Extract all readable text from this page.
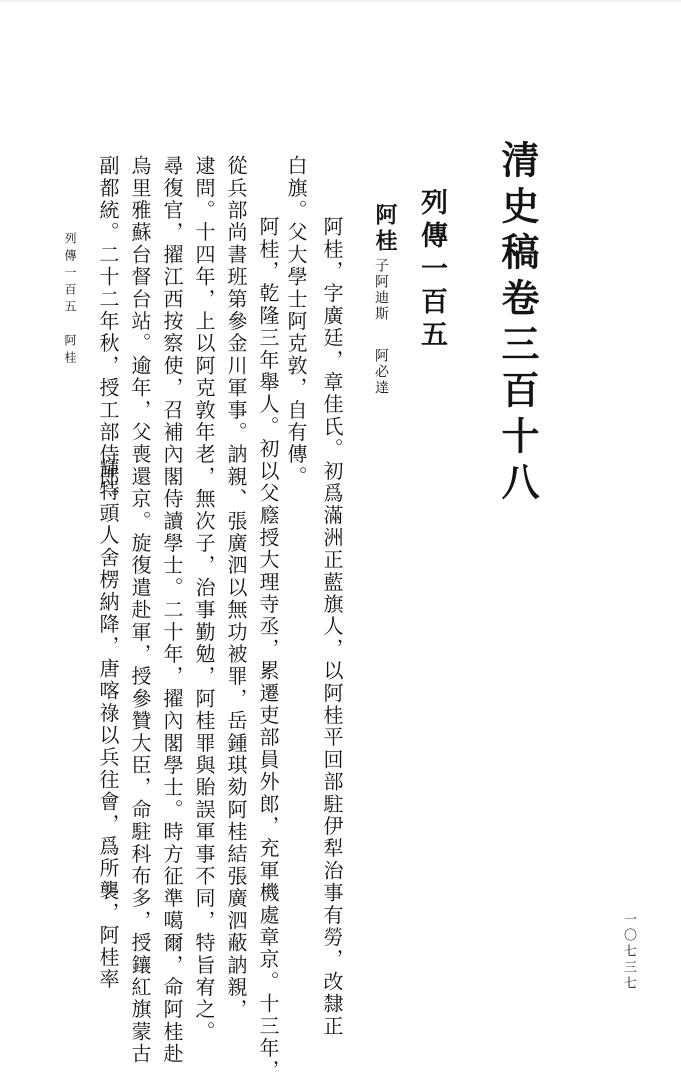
清史稿卷三百十八
列傳一百五
阿桂
子阿迪斯阿必達
阿桂，字廣廷，章佳氏。初爲滿洲正藍旗人，以阿桂平回部駐伊犁治事有勞，改隸正
白旗。父大學士阿克敦，自有傳。
阿桂，乾隆三年舉人。初以父廕授大理寺丞，累遷吏部員外郎，充軍機處章京。十三年，
從兵部尚書班第參金川軍事。訥親、張廣泗以無功被罪，岳鍾琪劾阿桂結張廣泗蔽訥親，
逮問。十四年，上以阿克敦年老，無次子，治事勤勉，阿桂罪與貽誤軍事不同，特旨宥之。
尋復官，擢江西按察使，召補內閣侍讀學士。二十年，擢內閣學士。時方征準噶爾，命阿桂赴
烏里雅蘇台督台站。逾年，父喪還京。旋復遣赴軍，授參贊大臣，命駐科布多，授鑲紅旗蒙古
副都統。二十二年秋，授工部侍郎。
輝特頭人舍楞納降，唐喀祿以兵往會，爲所襲，阿桂率
列傳一百五　阿桂
一〇七三七
